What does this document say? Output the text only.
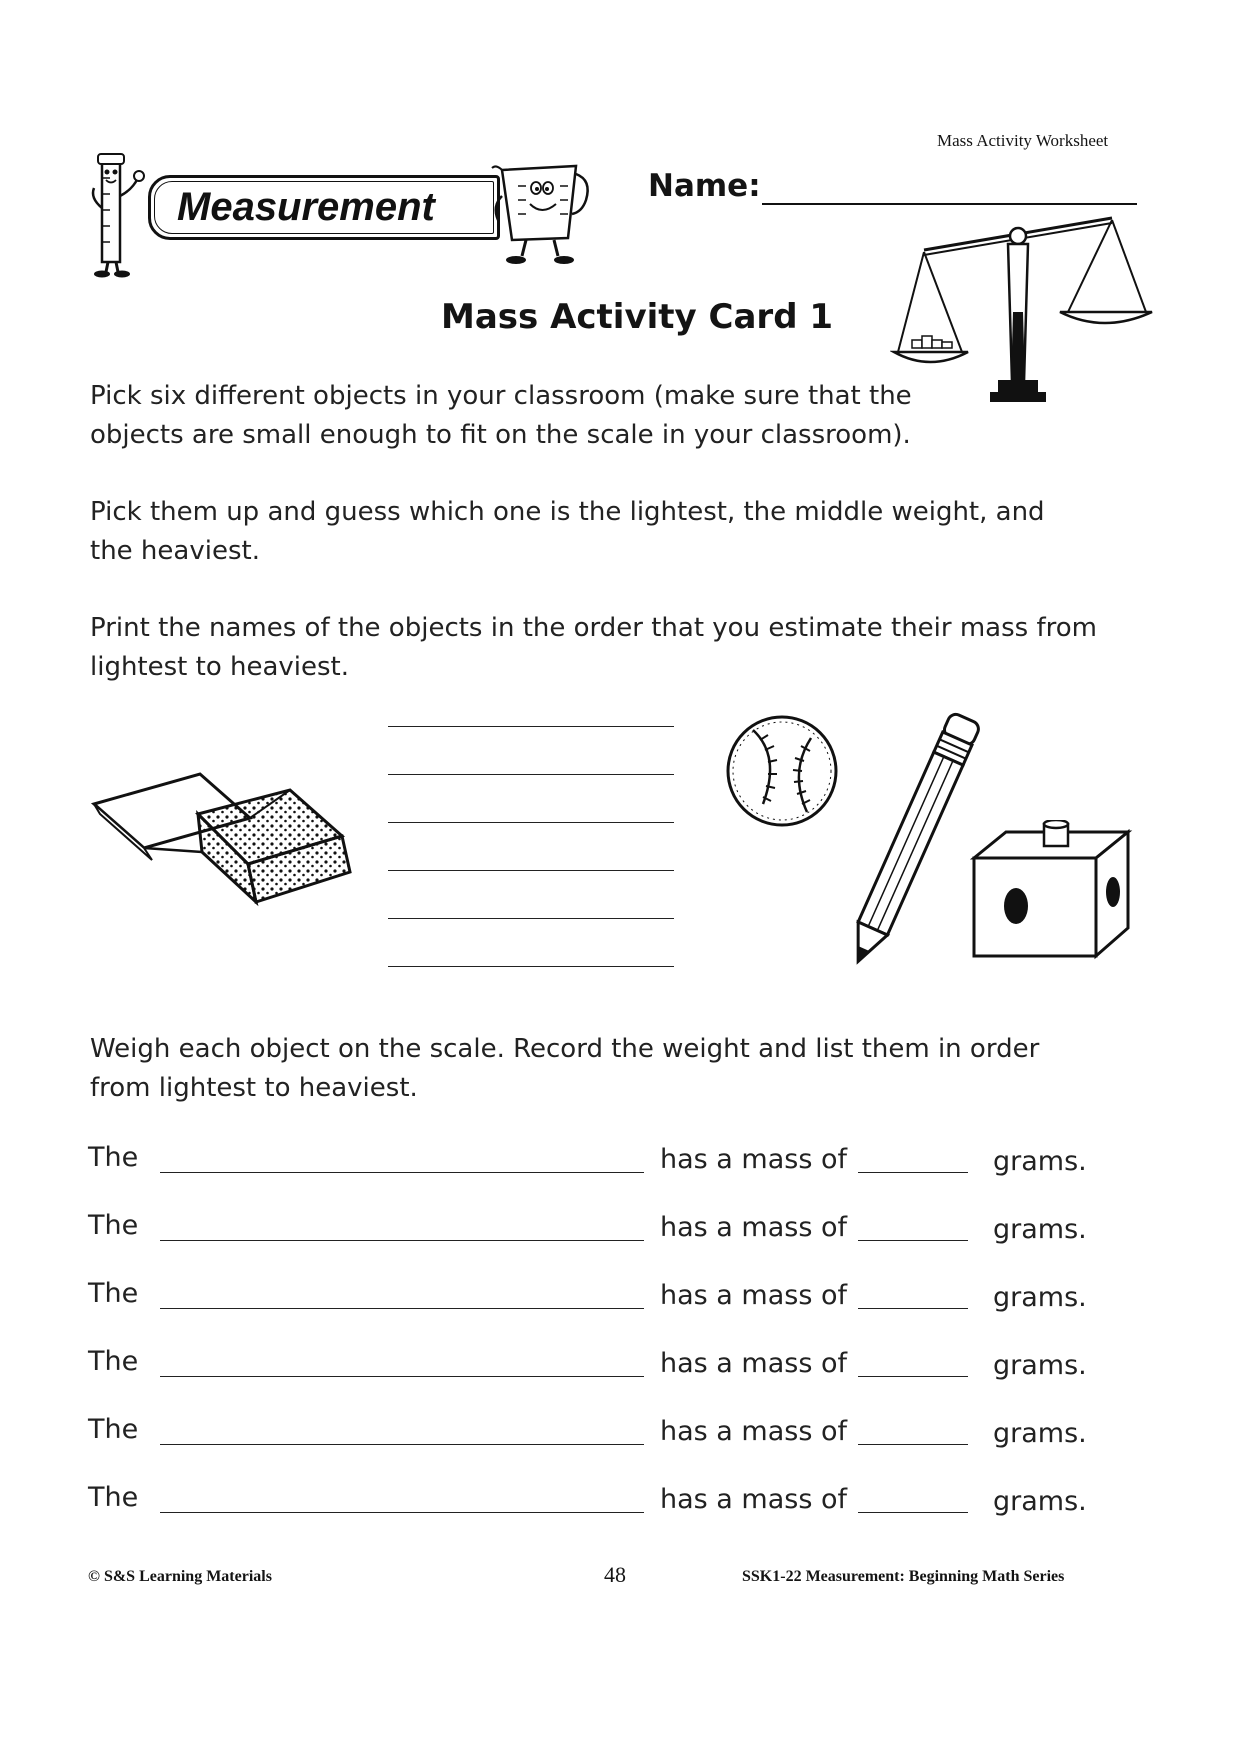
Mass Activity Worksheet
Measurement	Name:
Mass Activity Card 1
Pick six different objects in your classroom (make sure that the
objects are small enough to fit on the scale in your classroom).
Pick them up and guess which one is the lightest, the middle weight, and
the heaviest.
Print the names of the objects in the order that you estimate their mass from
lightest to heaviest.
Weigh each object on the scale. Record the weight and list them in order
from lightest to heaviest.
The	has a mass of	grams.
The	has a mass of	grams.
The	has a mass of	grams.
The	has a mass of	grams.
The	has a mass of	grams.
The	has a mass of	grams.
© S&S Learning Materials	48	SSK1-22 Measurement: Beginning Math Series
